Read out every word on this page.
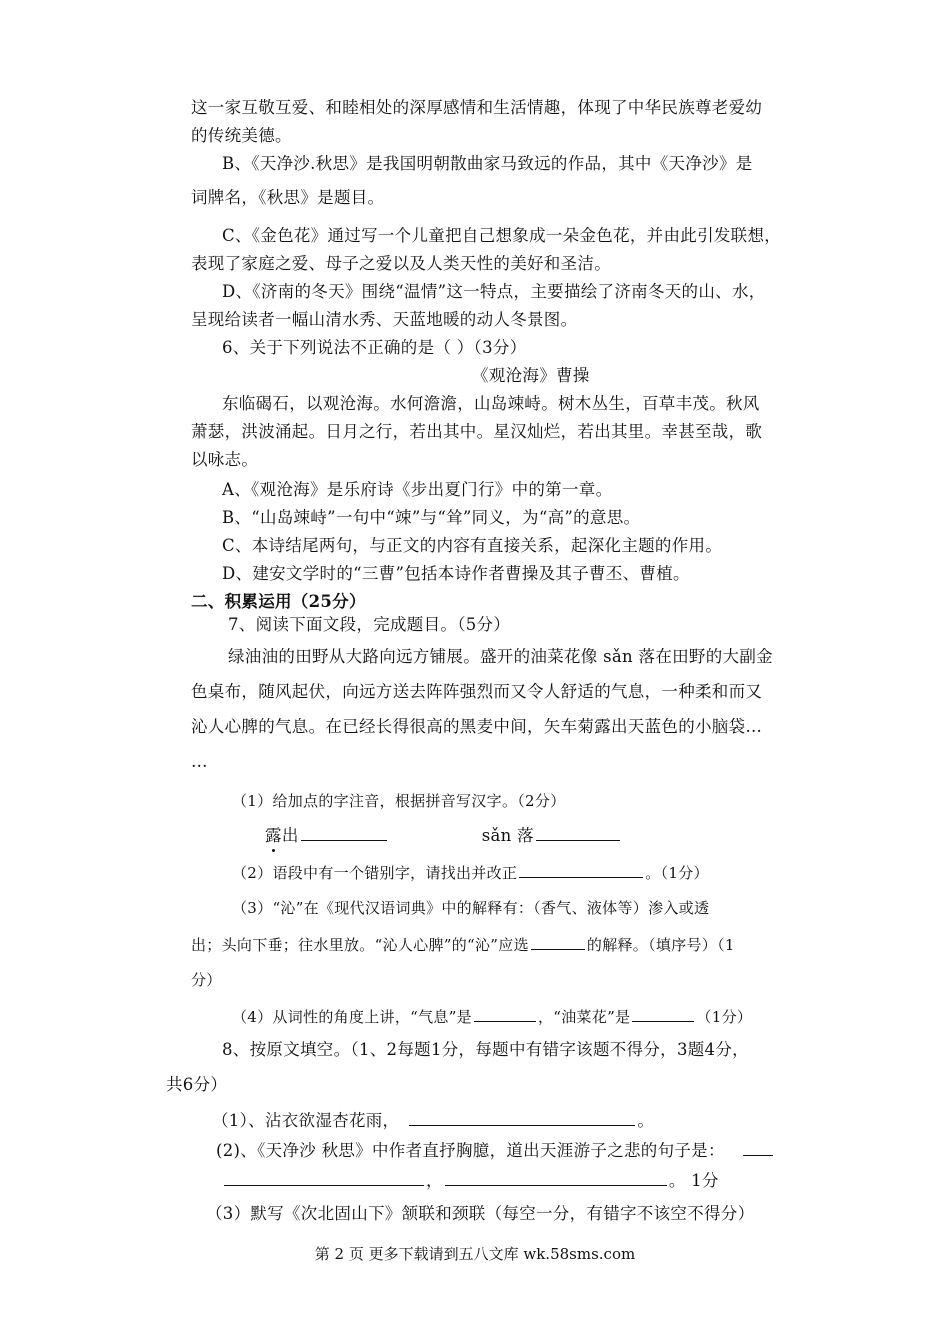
这一家互敬互爱、和睦相处的深厚感情和生活情趣，体现了中华民族尊老爱幼
的传统美德。
B、《天净沙.秋思》是我国明朝散曲家马致远的作品，其中《天净沙》是
词牌名，《秋思》是题目。
C、《金色花》通过写一个儿童把自己想象成一朵金色花，并由此引发联想，
表现了家庭之爱、母子之爱以及人类天性的美好和圣洁。
D、《济南的冬天》围绕“温情”这一特点，主要描绘了济南冬天的山、水，
呈现给读者一幅山清水秀、天蓝地暖的动人冬景图。
6、关于下列说法不正确的是（ ）（3分）
《观沧海》曹操
东临碣石，以观沧海。水何澹澹，山岛竦峙。树木丛生，百草丰茂。秋风
萧瑟，洪波涌起。日月之行，若出其中。星汉灿烂，若出其里。幸甚至哉，歌
以咏志。
A、《观沧海》是乐府诗《步出夏门行》中的第一章。
B、“山岛竦峙”一句中“竦”与“耸”同义，为“高”的意思。
C、本诗结尾两句，与正文的内容有直接关系，起深化主题的作用。
D、建安文学时的“三曹”包括本诗作者曹操及其子曹丕、曹植。
二、积累运用（25分）
7、阅读下面文段，完成题目。（5分）
绿油油的田野从大路向远方铺展。盛开的油菜花像 sǎn 落在田野的大副金
色桌布，随风起伏，向远方送去阵阵强烈而又令人舒适的气息，一种柔和而又
沁人心脾的气息。在已经长得很高的黑麦中间，矢车菊露出天蓝色的小脑袋…
…
（1）给加点的字注音，根据拼音写汉字。（2分）
露出	sǎn 落
（2）语段中有一个错别字，请找出并改正	。（1分）
（3）“沁”在《现代汉语词典》中的解释有：（香气、液体等）渗入或透
出；头向下垂；往水里放。“沁人心脾”的“沁”应选	的解释。（填序号）（1
分）
（4）从词性的角度上讲，“气息”是	，“油菜花”是	（1分）
8、按原文填空。（1、2每题1分，每题中有错字该题不得分，3题4分，
共6分）
（1）、沾衣欲湿杏花雨，	。
(2)、《天净沙 秋思》中作者直抒胸臆，道出天涯游子之悲的句子是：
，	。 1分
（3）默写《次北固山下》颔联和颈联（每空一分，有错字不该空不得分）
第 2 页 更多下载请到五八文库 wk.58sms.com
